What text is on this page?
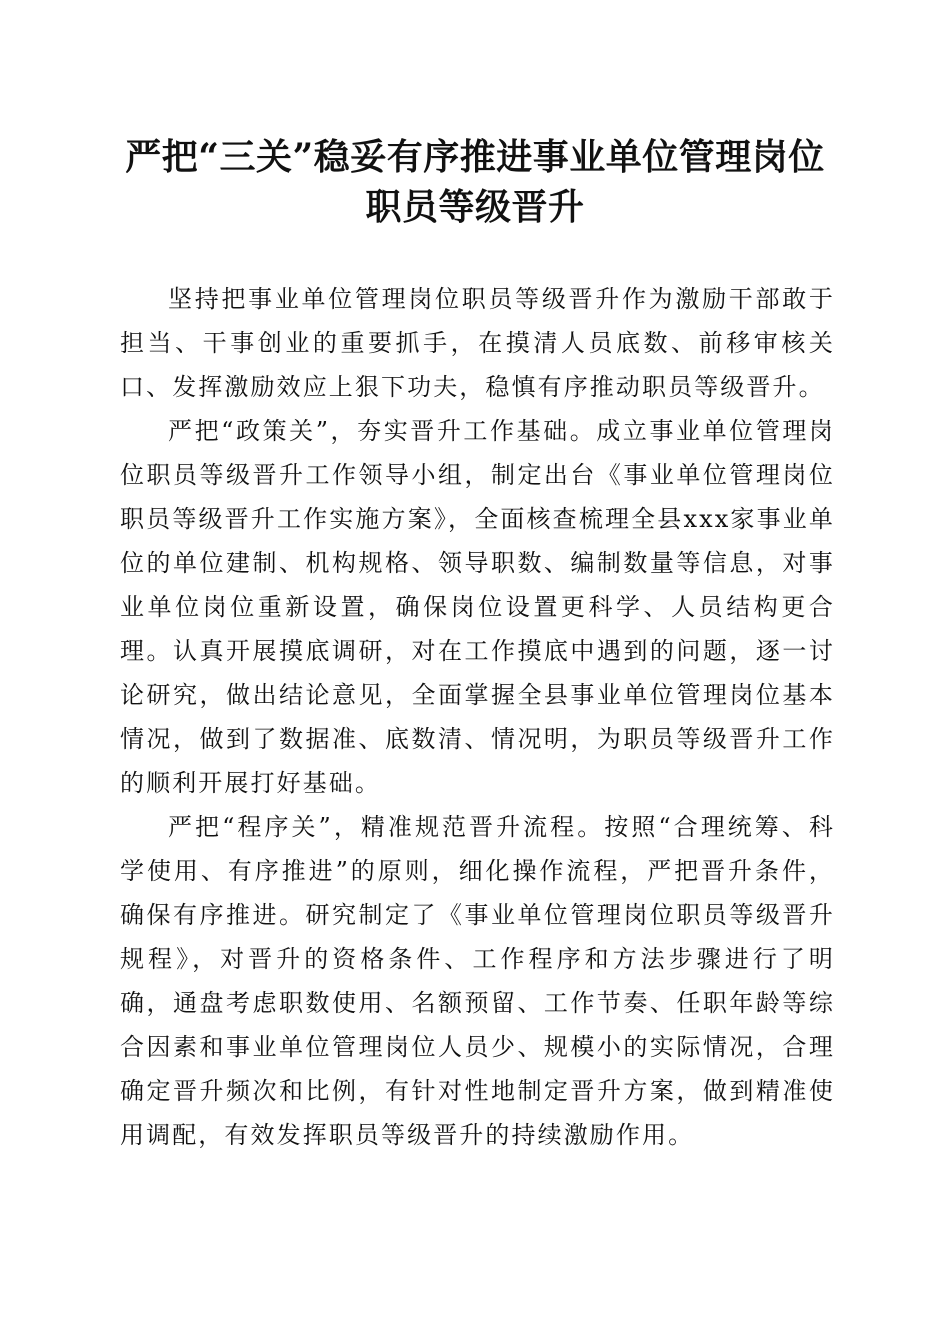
严把“三关”稳妥有序推进事业单位管理岗位
职员等级晋升

坚持把事业单位管理岗位职员等级晋升作为激励干部敢于担当、干事创业的重要抓手，在摸清人员底数、前移审核关口、发挥激励效应上狠下功夫，稳慎有序推动职员等级晋升。

严把“政策关”，夯实晋升工作基础。成立事业单位管理岗位职员等级晋升工作领导小组，制定出台《事业单位管理岗位职员等级晋升工作实施方案》，全面核查梳理全县xxx家事业单位的单位建制、机构规格、领导职数、编制数量等信息，对事业单位岗位重新设置，确保岗位设置更科学、人员结构更合理。认真开展摸底调研，对在工作摸底中遇到的问题，逐一讨论研究，做出结论意见，全面掌握全县事业单位管理岗位基本情况，做到了数据准、底数清、情况明，为职员等级晋升工作的顺利开展打好基础。

严把“程序关”，精准规范晋升流程。按照“合理统筹、科学使用、有序推进”的原则，细化操作流程，严把晋升条件，确保有序推进。研究制定了《事业单位管理岗位职员等级晋升规程》，对晋升的资格条件、工作程序和方法步骤进行了明确，通盘考虑职数使用、名额预留、工作节奏、任职年龄等综合因素和事业单位管理岗位人员少、规模小的实际情况，合理确定晋升频次和比例，有针对性地制定晋升方案，做到精准使用调配，有效发挥职员等级晋升的持续激励作用。
